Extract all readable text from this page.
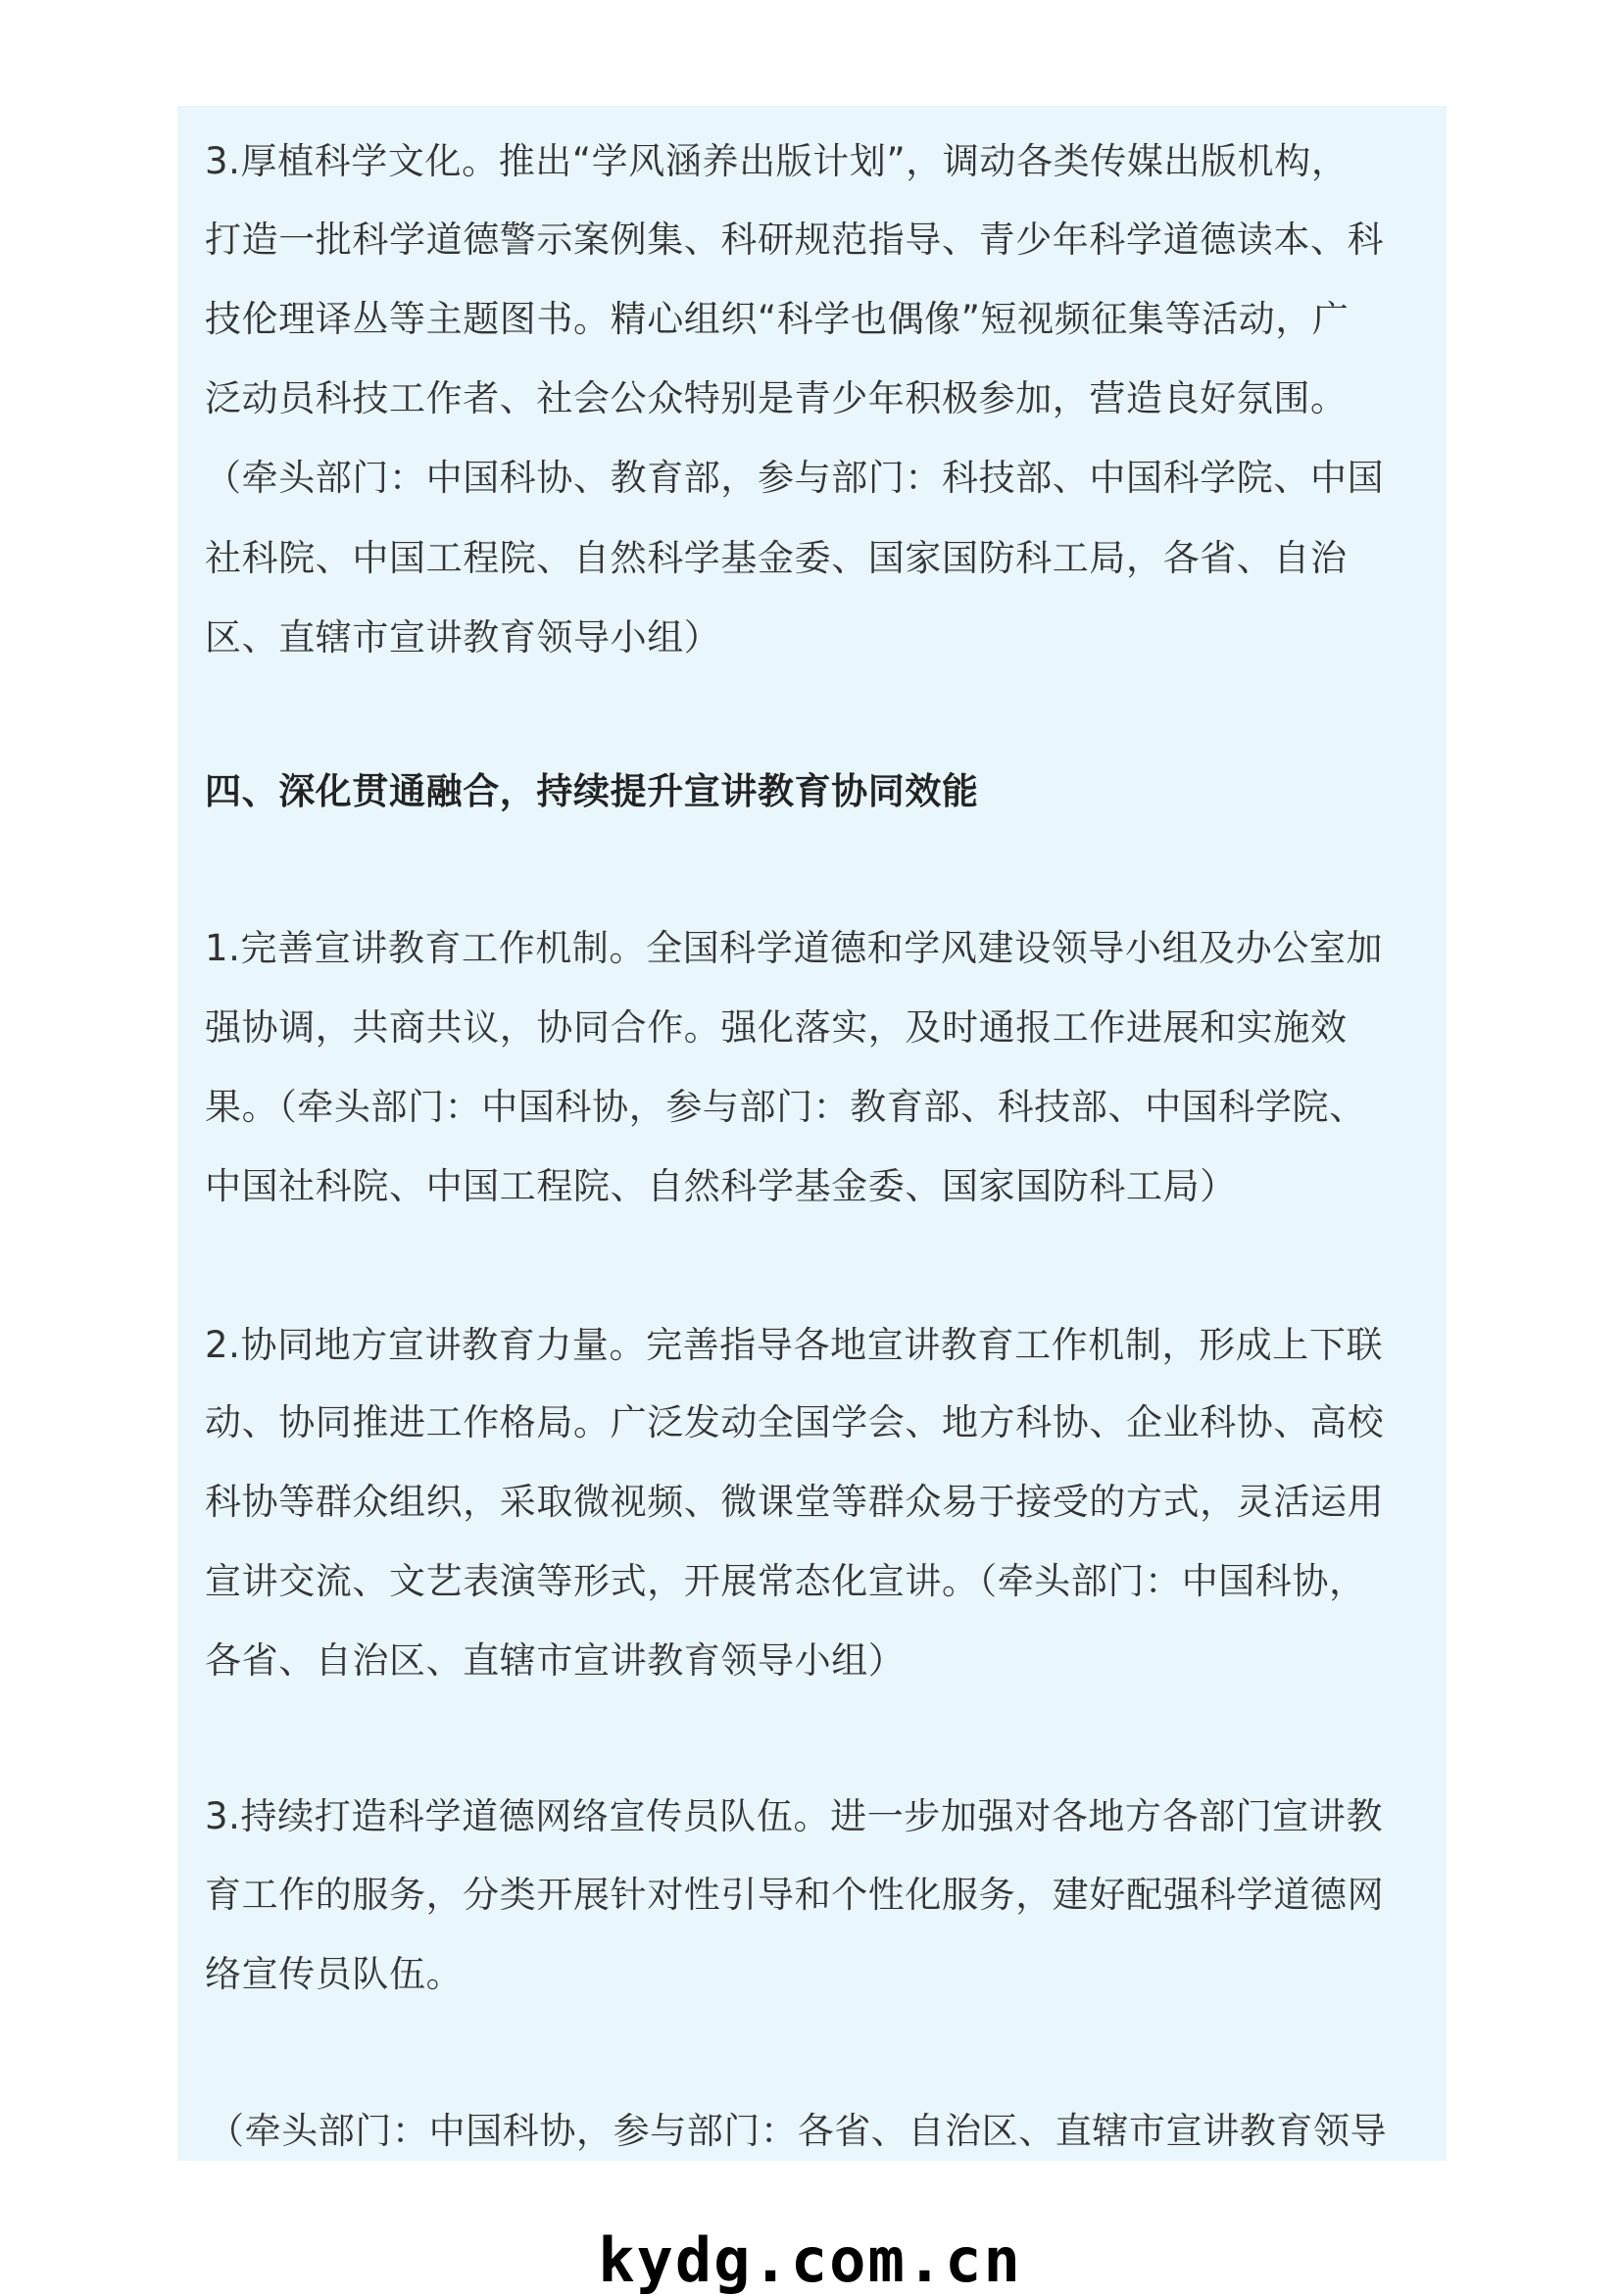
3.厚植科学文化。推出“学风涵养出版计划”，调动各类传媒出版机构，
打造一批科学道德警示案例集、科研规范指导、青少年科学道德读本、科
技伦理译丛等主题图书。精心组织“科学也偶像”短视频征集等活动，广
泛动员科技工作者、社会公众特别是青少年积极参加，营造良好氛围。
（牵头部门：中国科协、教育部，参与部门：科技部、中国科学院、中国
社科院、中国工程院、自然科学基金委、国家国防科工局，各省、自治
区、直辖市宣讲教育领导小组）
四、深化贯通融合，持续提升宣讲教育协同效能
1.完善宣讲教育工作机制。全国科学道德和学风建设领导小组及办公室加
强协调，共商共议，协同合作。强化落实，及时通报工作进展和实施效
果。（牵头部门：中国科协，参与部门：教育部、科技部、中国科学院、
中国社科院、中国工程院、自然科学基金委、国家国防科工局）
2.协同地方宣讲教育力量。完善指导各地宣讲教育工作机制，形成上下联
动、协同推进工作格局。广泛发动全国学会、地方科协、企业科协、高校
科协等群众组织，采取微视频、微课堂等群众易于接受的方式，灵活运用
宣讲交流、文艺表演等形式，开展常态化宣讲。（牵头部门：中国科协，
各省、自治区、直辖市宣讲教育领导小组）
3.持续打造科学道德网络宣传员队伍。进一步加强对各地方各部门宣讲教
育工作的服务，分类开展针对性引导和个性化服务，建好配强科学道德网
络宣传员队伍。
（牵头部门：中国科协，参与部门：各省、自治区、直辖市宣讲教育领导
kydg.com.cn
